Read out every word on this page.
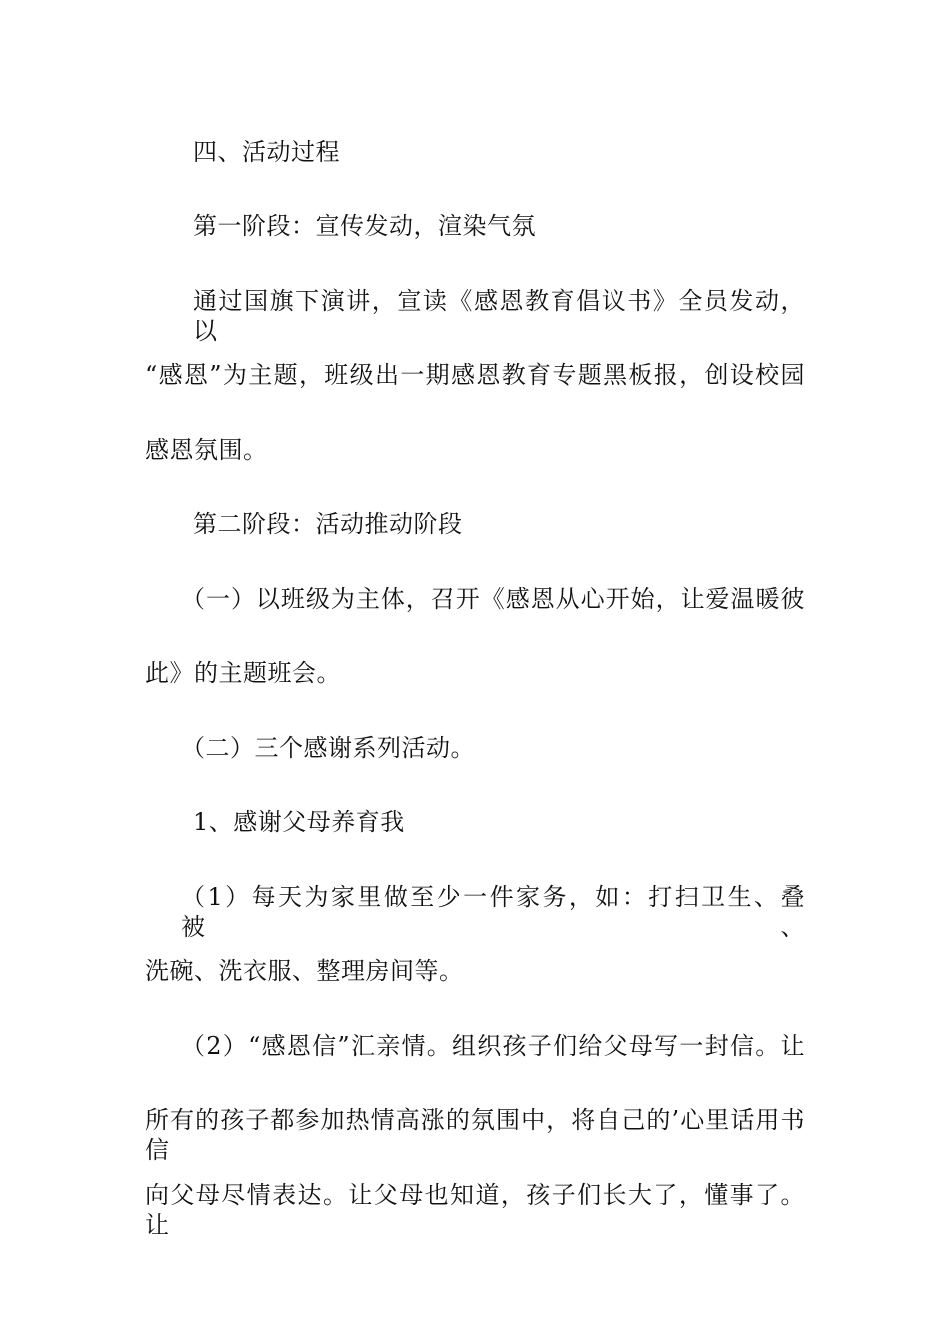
四、活动过程
第一阶段：宣传发动，渲染气氛
通过国旗下演讲，宣读《感恩教育倡议书》全员发动，以
“感恩”为主题，班级出一期感恩教育专题黑板报，创设校园
感恩氛围。
第二阶段：活动推动阶段
（一）以班级为主体，召开《感恩从心开始，让爱温暖彼
此》的主题班会。
（二）三个感谢系列活动。
1、感谢父母养育我
（1）每天为家里做至少一件家务，如：打扫卫生、叠被、
洗碗、洗衣服、整理房间等。
（2）“感恩信”汇亲情。组织孩子们给父母写一封信。让
所有的孩子都参加热情高涨的氛围中，将自己的’心里话用书信
向父母尽情表达。让父母也知道，孩子们长大了，懂事了。让
